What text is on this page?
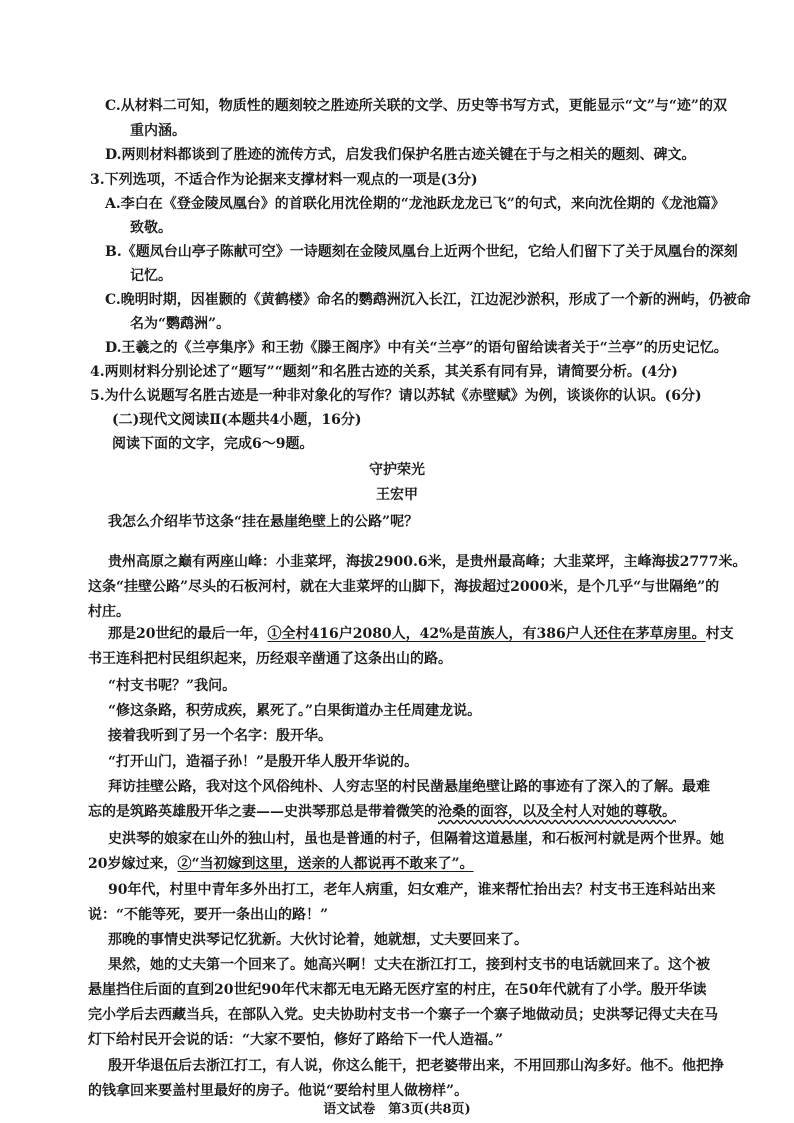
C.从材料二可知，物质性的题刻较之胜迹所关联的文学、历史等书写方式，更能显示“文”与“迹”的双
重内涵。
D.两则材料都谈到了胜迹的流传方式，启发我们保护名胜古迹关键在于与之相关的题刻、碑文。
3.下列选项，不适合作为论据来支撑材料一观点的一项是(3分)
A.李白在《登金陵凤凰台》的首联化用沈佺期的“龙池跃龙龙已飞”的句式，来向沈佺期的《龙池篇》
致敬。
B.《题凤台山亭子陈献可空》一诗题刻在金陵凤凰台上近两个世纪，它给人们留下了关于凤凰台的深刻
记忆。
C.晚明时期，因崔颢的《黄鹤楼》命名的鹦鹉洲沉入长江，江边泥沙淤积，形成了一个新的洲屿，仍被命
名为“鹦鹉洲”。
D.王羲之的《兰亭集序》和王勃《滕王阁序》中有关“兰亭”的语句留给读者关于“兰亭”的历史记忆。
4.两则材料分别论述了“题写”“题刻”和名胜古迹的关系，其关系有同有异，请简要分析。(4分)
5.为什么说题写名胜古迹是一种非对象化的写作？请以苏轼《赤壁赋》为例，谈谈你的认识。(6分)
(二)现代文阅读Ⅱ(本题共4小题，16分)
阅读下面的文字，完成6～9题。
守护荣光
王宏甲
我怎么介绍毕节这条“挂在悬崖绝壁上的公路”呢？
贵州高原之巅有两座山峰：小韭菜坪，海拔2900.6米，是贵州最高峰；大韭菜坪，主峰海拔2777米。
这条“挂壁公路”尽头的石板河村，就在大韭菜坪的山脚下，海拔超过2000米，是个几乎“与世隔绝”的
村庄。
那是20世纪的最后一年，①全村416户2080人，42%是苗族人，有386户人还住在茅草房里。村支
书王连科把村民组织起来，历经艰辛凿通了这条出山的路。
“村支书呢？”我问。
“修这条路，积劳成疾，累死了。”白果街道办主任周建龙说。
接着我听到了另一个名字：殷开华。
“打开山门，造福子孙！”是殷开华人殷开华说的。
拜访挂壁公路，我对这个风俗纯朴、人穷志坚的村民凿悬崖绝壁让路的事迹有了深入的了解。最难
忘的是筑路英雄殷开华之妻——史洪琴那总是带着微笑的沧桑的面容，以及全村人对她的尊敬。
史洪琴的娘家在山外的独山村，虽也是普通的村子，但隔着这道悬崖，和石板河村就是两个世界。她
20岁嫁过来，②“当初嫁到这里，送亲的人都说再不敢来了”。
90年代，村里中青年多外出打工，老年人病重，妇女难产，谁来帮忙抬出去？村支书王连科站出来
说：“不能等死，要开一条出山的路！”
那晚的事情史洪琴记忆犹新。大伙讨论着，她就想，丈夫要回来了。
果然，她的丈夫第一个回来了。她高兴啊！丈夫在浙江打工，接到村支书的电话就回来了。这个被
悬崖挡住后面的直到20世纪90年代末都无电无路无医疗室的村庄，在50年代就有了小学。殷开华读
完小学后去西藏当兵，在部队入党。史夫协助村支书一个寨子一个寨子地做动员；史洪琴记得丈夫在马
灯下给村民开会说的话：“大家不要怕，修好了路给下一代人造福。”
殷开华退伍后去浙江打工，有人说，你这么能干，把老婆带出来，不用回那山沟多好。他不。他把挣
的钱拿回来要盖村里最好的房子。他说“要给村里人做榜样”。
语文试卷　第3页(共8页)
